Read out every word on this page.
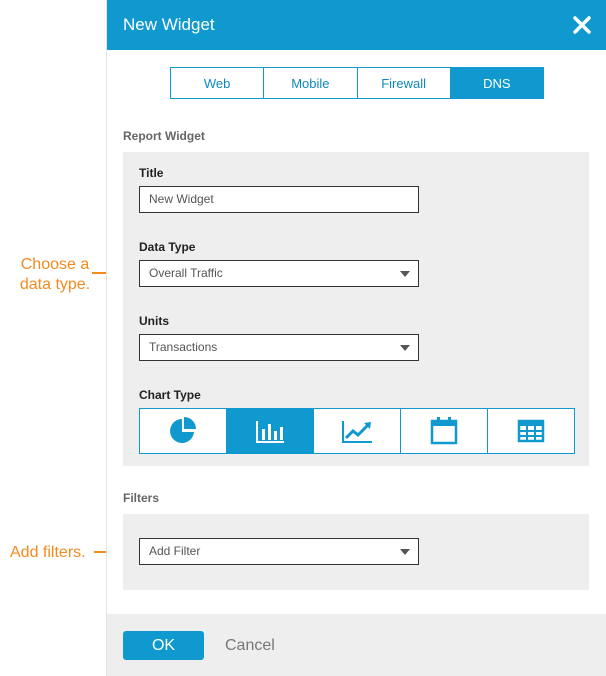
Choose a
data type.
Add filters.
New Widget
Web	Mobile	Firewall	DNS
Report Widget
Title
New Widget
Data Type
Overall Traffic
Units
Transactions
Chart Type
Filters
Add Filter
OK	Cancel
